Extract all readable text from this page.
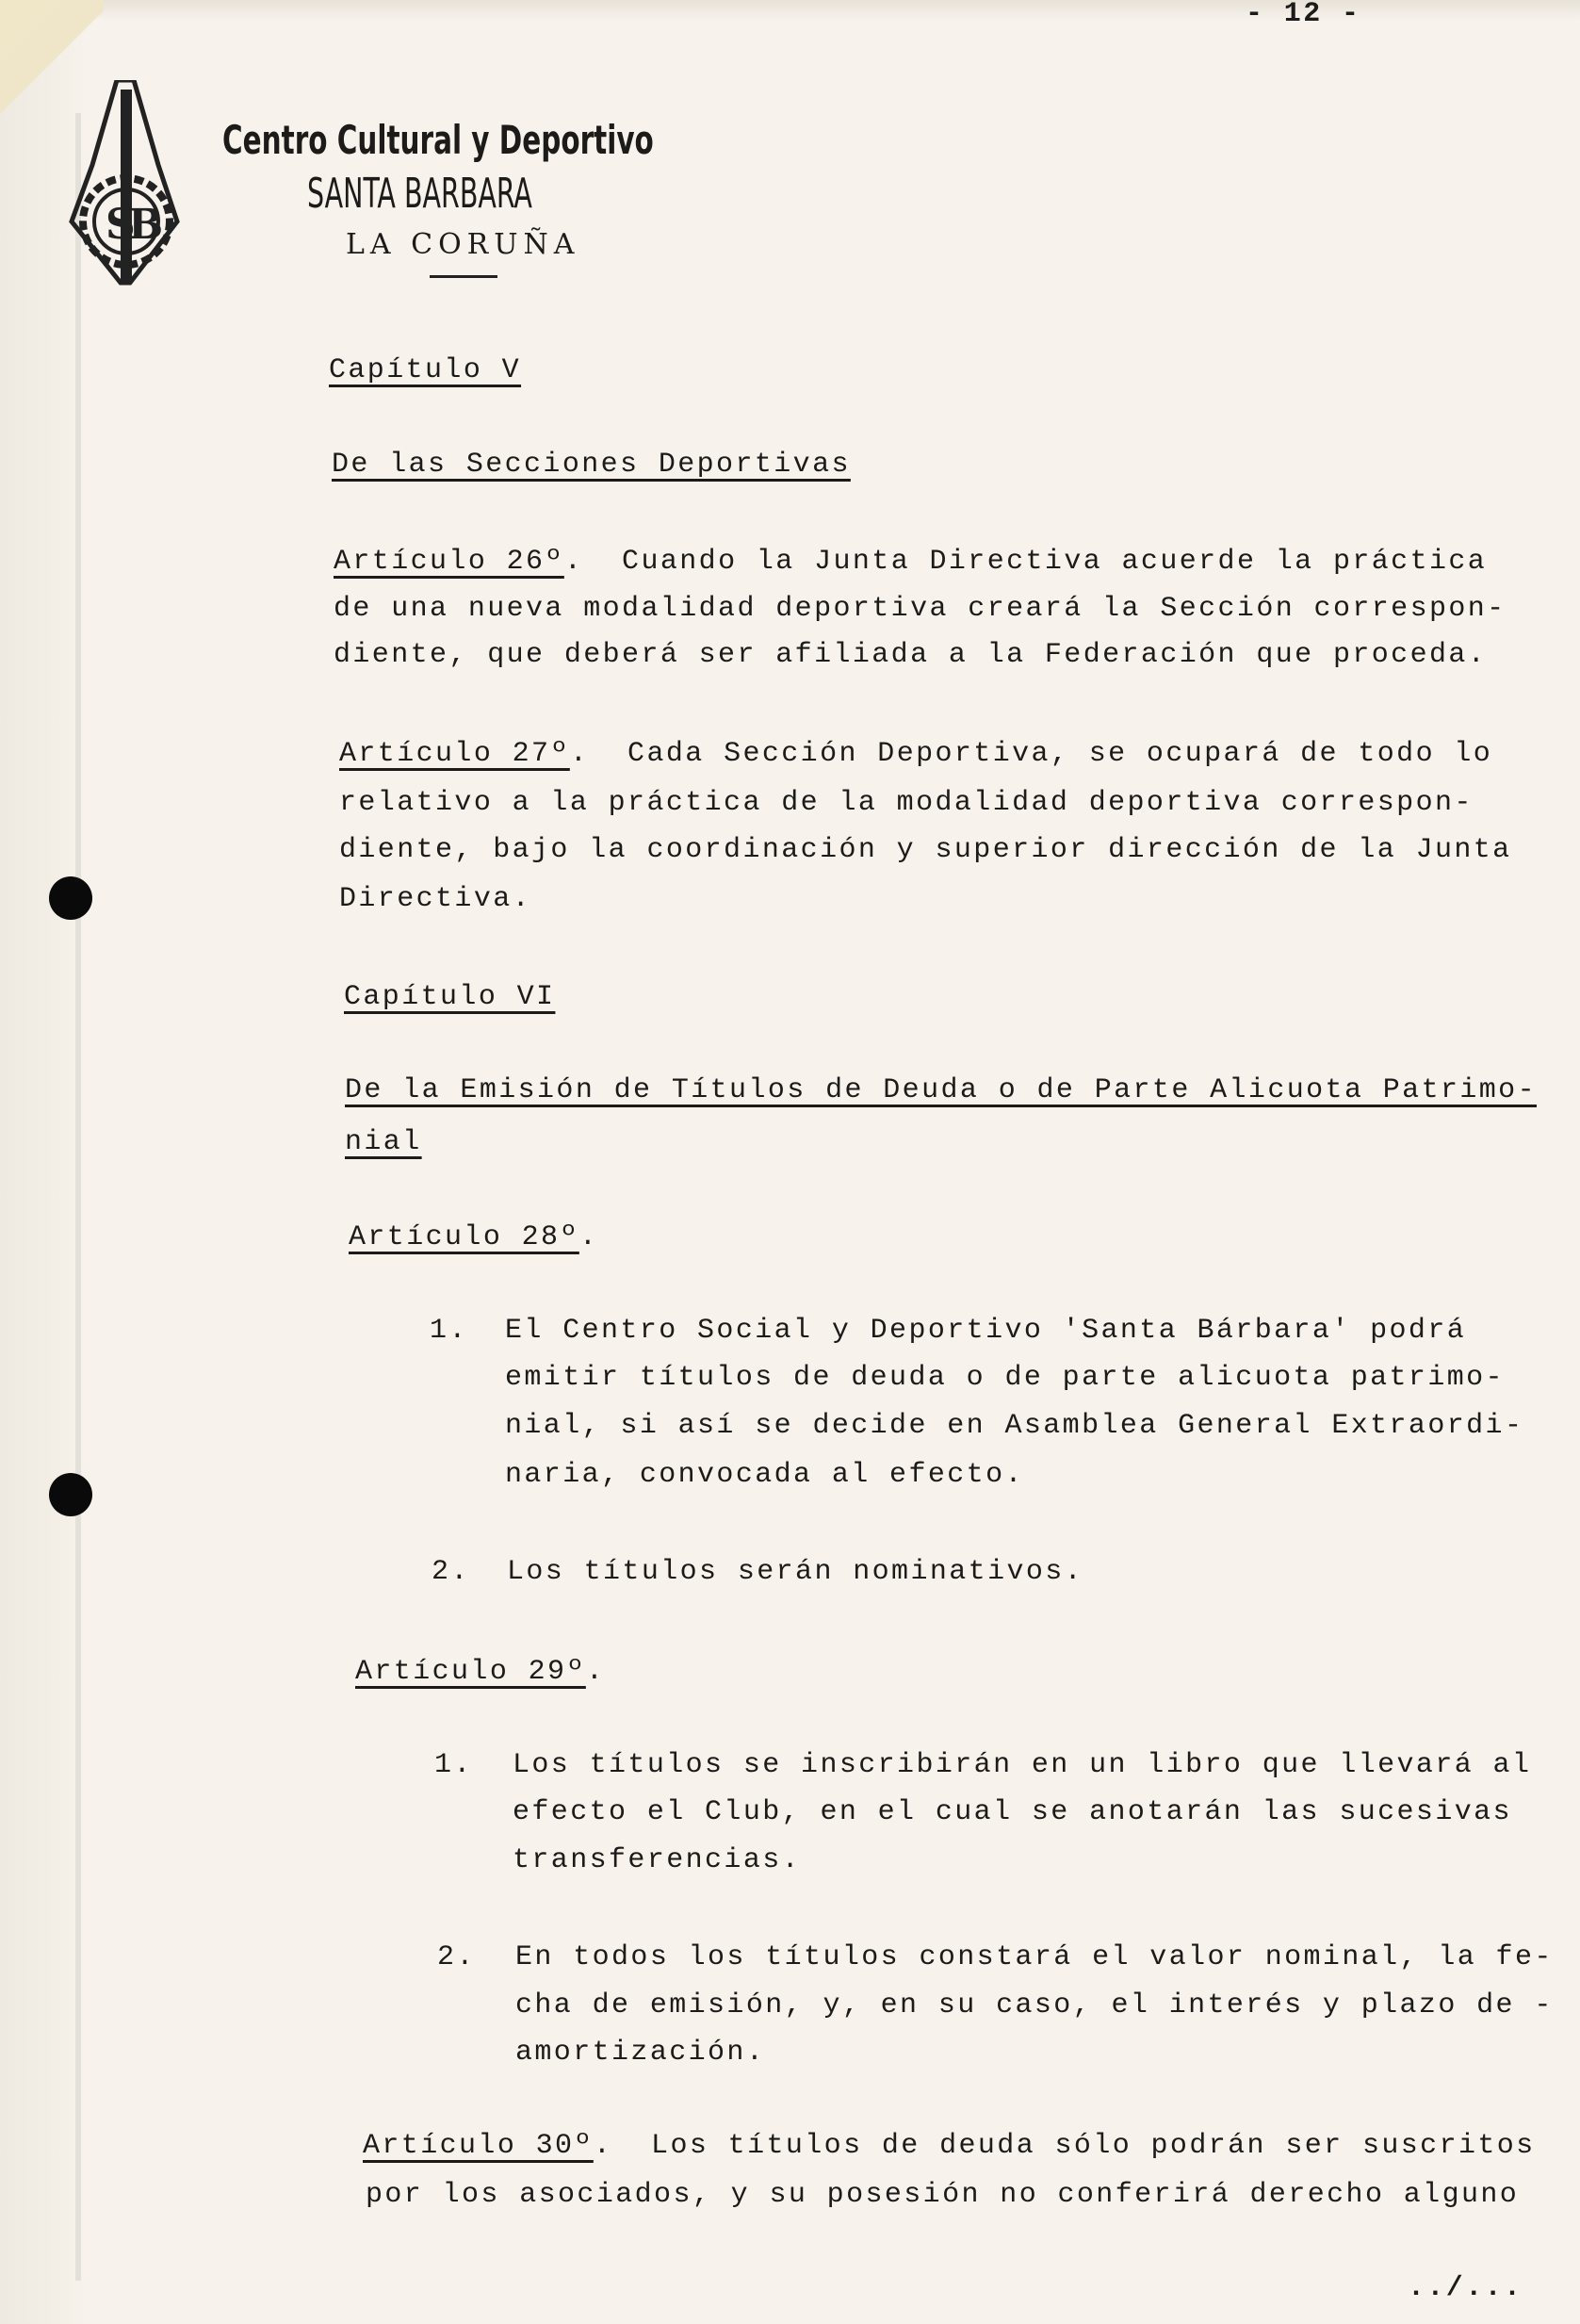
- 12 -
S
B
Centro Cultural y Deportivo
SANTA BARBARA
LA CORUÑA
Capítulo V
De las Secciones Deportivas
Artículo 26º.  Cuando la Junta Directiva acuerde la práctica
de una nueva modalidad deportiva creará la Sección correspon-
diente, que deberá ser afiliada a la Federación que proceda.
Artículo 27º.  Cada Sección Deportiva, se ocupará de todo lo
relativo a la práctica de la modalidad deportiva correspon-
diente, bajo la coordinación y superior dirección de la Junta
Directiva.
Capítulo VI
De la Emisión de Títulos de Deuda o de Parte Alicuota Patrimo-
nial
Artículo 28º.
1. El Centro Social y Deportivo 'Santa Bárbara' podrá
emitir títulos de deuda o de parte alicuota patrimo-
nial, si así se decide en Asamblea General Extraordi-
naria, convocada al efecto.
2. Los títulos serán nominativos.
Artículo 29º.
1. Los títulos se inscribirán en un libro que llevará al
efecto el Club, en el cual se anotarán las sucesivas
transferencias.
2. En todos los títulos constará el valor nominal, la fe-
cha de emisión, y, en su caso, el interés y plazo de -
amortización.
Artículo 30º.  Los títulos de deuda sólo podrán ser suscritos
por los asociados, y su posesión no conferirá derecho alguno
../...
